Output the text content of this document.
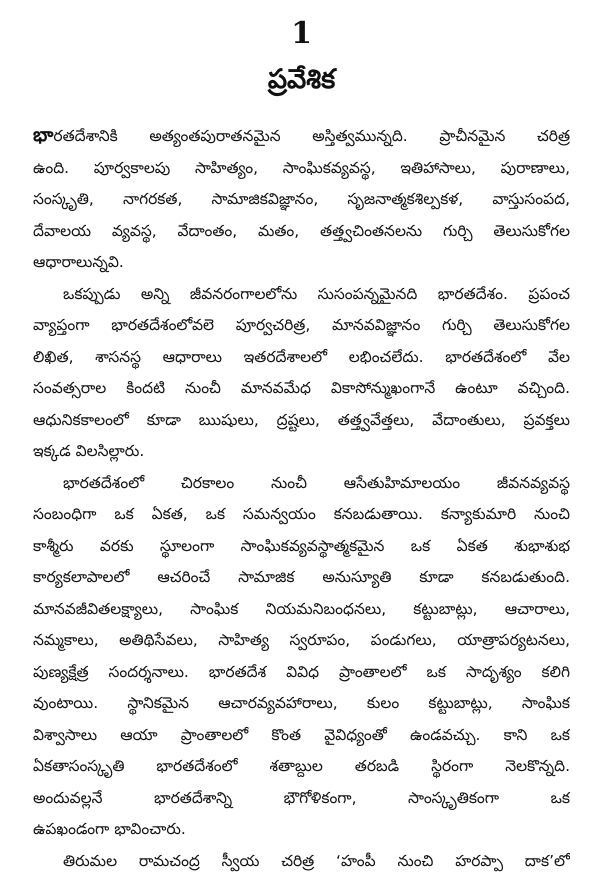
1
ప్రవేశిక
భారతదేశానికి అత్యంతపురాతనమైన అస్తిత్వమున్నది. ప్రాచీనమైన చరిత్ర
ఉంది. పూర్వకాలపు సాహిత్యం, సాంఘికవ్యవస్థ, ఇతిహాసాలు, పురాణాలు,
సంస్కృతి, నాగరకత, సామాజికవిజ్ఞానం, సృజనాత్మకశిల్పకళ, వాస్తుసంపద,
దేవాలయ వ్యవస్థ, వేదాంతం, మతం, తత్త్వచింతనలను గుర్చి తెలుసుకోగల
ఆధారాలున్నవి.
ఒకప్పుడు అన్ని జీవనరంగాలలోను సుసంపన్నమైనది భారతదేశం. ప్రపంచ
వ్యాప్తంగా భారతదేశంలోవలె పూర్వచరిత్ర, మానవవిజ్ఞానం గుర్చి తెలుసుకోగల
లిఖిత, శాసనస్థ ఆధారాలు ఇతరదేశాలలో లభించలేదు. భారతదేశంలో వేల
సంవత్సరాల కిందటి నుంచీ మానవమేధ వికాసోన్ముఖంగానే ఉంటూ వచ్చింది.
ఆధునికకాలంలో కూడా ఋషులు, ద్రష్టలు, తత్త్వవేత్తలు, వేదాంతులు, ప్రవక్తలు
ఇక్కడ విలసిల్లారు.
భారతదేశంలో చిరకాలం నుంచీ ఆసేతుహిమాలయం జీవనవ్యవస్థ
సంబంధిగా ఒక ఏకత, ఒక సమన్వయం కనబడుతాయి. కన్యాకుమారి నుంచి
కాశ్మీరు వరకు స్థూలంగా సాంఘికవ్యవస్థాత్మకమైన ఒక ఏకత శుభాశుభ
కార్యకలాపాలలో ఆచరించే సామాజిక అనుస్యూతి కూడా కనబడుతుంది.
మానవజీవితలక్ష్యాలు, సాంఘిక నియమనిబంధనలు, కట్టుబాట్లు, ఆచారాలు,
నమ్మకాలు, అతిథిసేవలు, సాహిత్య స్వరూపం, పండుగలు, యాత్రాపర్యటనలు,
పుణ్యక్షేత్ర సందర్శనాలు. భారతదేశ వివిధ ప్రాంతాలలో ఒక సాదృశ్యం కలిగి
వుంటాయి. స్థానికమైన ఆచారవ్యవహారాలు, కులం కట్టుబాట్లు, సాంఘిక
విశ్వాసాలు ఆయా ప్రాంతాలలో కొంత వైవిధ్యంతో ఉండవచ్చు. కాని ఒక
ఏకతాసంస్కృతి భారతదేశంలో శతాబ్దుల తరబడి స్థిరంగా నెలకొన్నది.
అందువల్లనే భారతదేశాన్ని భౌగోళికంగా, సాంస్కృతికంగా ఒక
ఉపఖండంగా భావించారు.
తిరుమల రామచంద్ర స్వీయ చరిత్ర ‘హంపీ నుంచి హరప్పా దాక’లో
